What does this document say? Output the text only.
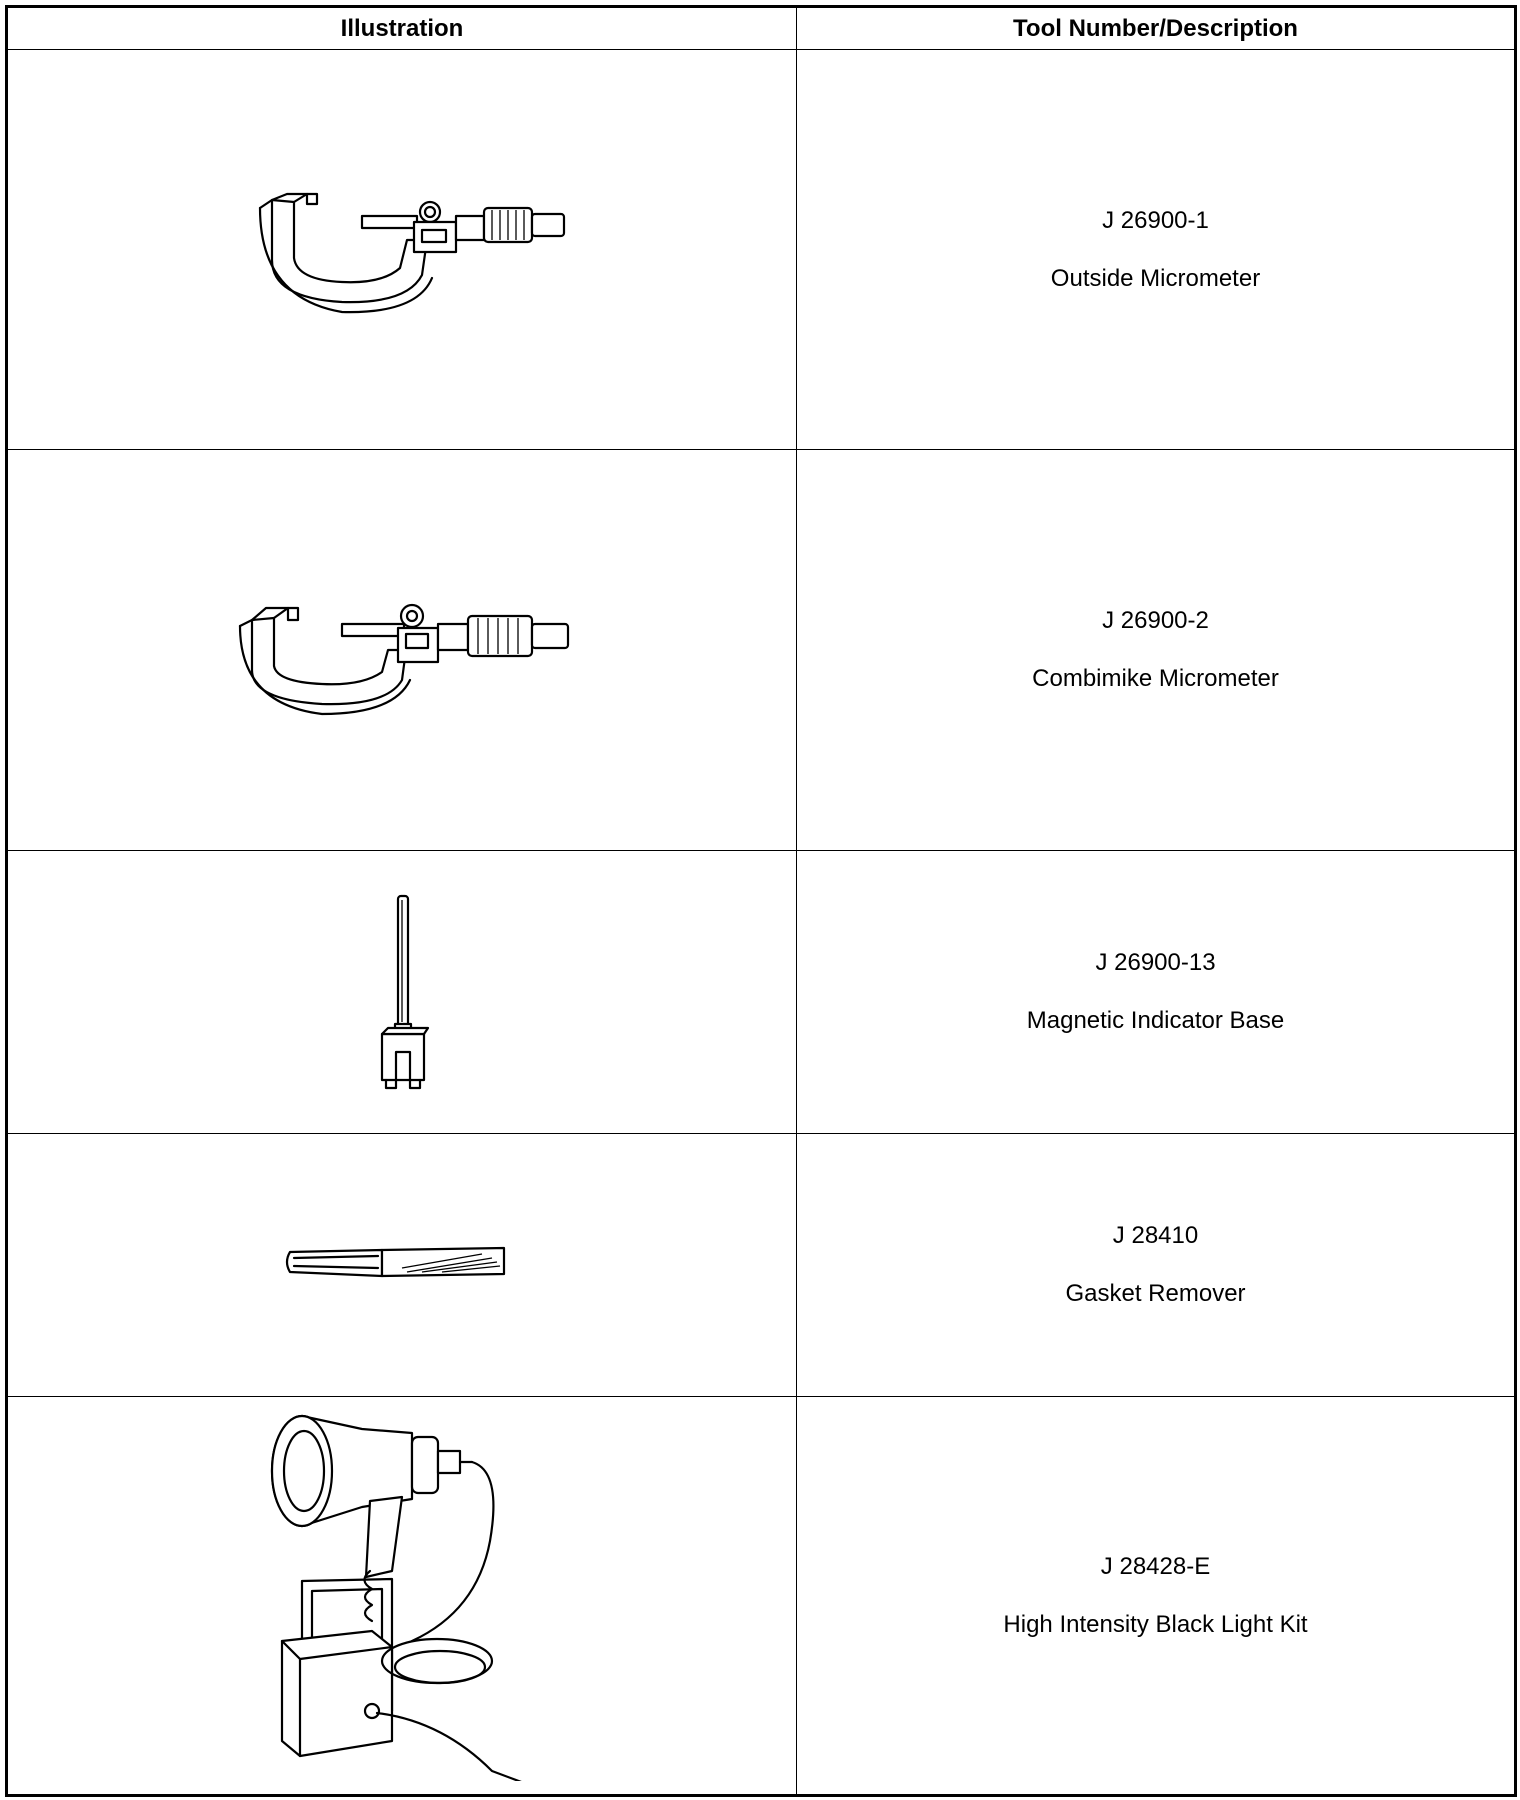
Illustration	Tool Number/Description

J 26900-1
Outside Micrometer

J 26900-2
Combimike Micrometer

J 26900-13
Magnetic Indicator Base

J 28410
Gasket Remover

J 28428-E
High Intensity Black Light Kit
